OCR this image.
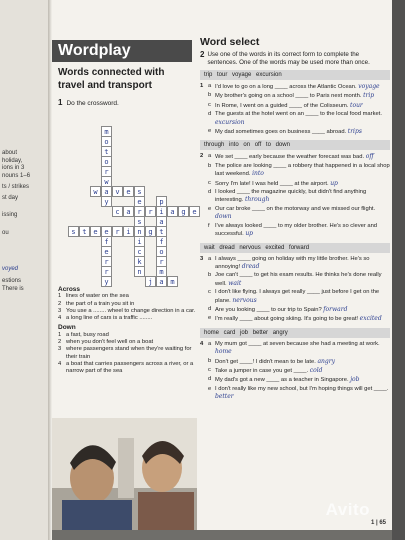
about
holiday,
ions in 3
nouns 1–6
ts / strikes
st day
issing
ou
voyed
estions
There is
Wordplay
Words connected with travel and transport
1 Do the crossword.
m
o
t
o
r
w
w a v e s
y	e	p
c a r r i a g e
s	a
s t e e r i n g t
f	i	f
e	c	o
r	k	r
r	n	m
y	j a m
Across
1 lines of water on the sea
2 the part of a train you sit in
3 You use a ........ wheel to change direction in a car.
4 a long line of cars is a traffic ........
Down
1 a fast, busy road
2 when you don't feel well on a boat
3 where passengers stand when they're waiting for their train
4 a boat that carries passengers across a river, or a narrow part of the sea
Word select
2 Use one of the words in its correct form to complete the sentences. One of the words may be used more than once.
trip tour voyage excursion
1 a I'd love to go on a long ____ across the Atlantic Ocean. voyage
b My brother's going on a school ____ to Paris next month. trip
c In Rome, I went on a guided ____ of the Colisseum. tour
d The guests at the hotel went on an ____ to the local food market. excursion
e My dad sometimes goes on business ____ abroad. trips
through into on off to down
2 a We set ____ early because the weather forecast was bad. off
b The police are looking ____ a robbery that happened in a local shop last weekend. into
c Sorry I'm late! I was held ____ at the airport. up
d I looked ____ the magazine quickly, but didn't find anything interesting. through
e Our car broke ____ on the motorway and we missed our flight. down
f I've always looked ____ to my older brother. He's so clever and successful. up
wait dread nervous excited forward
3 a I always ____ going on holiday with my little brother. He's so annoying! dread
b Joe can't ____ to get his exam results. He thinks he's done really well. wait
c I don't like flying. I always get really ____ just before I get on the plane. nervous
d Are you looking ____ to our trip to Spain? forward
e I'm really ____ about going skiing. It's going to be great! excited
home card job better angry
4 a My mum got ____ at seven because she had a meeting at work. home
b Don't get ____! I didn't mean to be late. angry
c Take a jumper in case you get ____. cold
d My dad's got a new ____ as a teacher in Singapore. job
e I don't really like my new school, but I'm hoping things will get ____. better
Avito
1 | 65
